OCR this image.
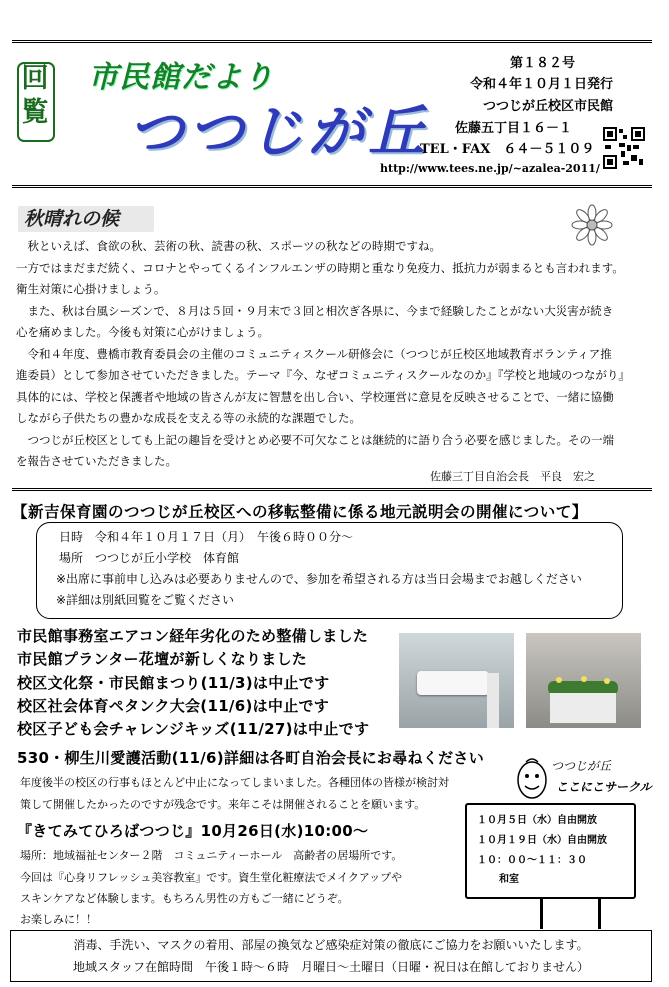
回
覧
市民館だより
つつじが丘
第１８２号
令和４年１０月１日発行
つつじが丘校区市民館
佐藤五丁目１６－１
TEL・FAX　６４－５１０９
http://www.tees.ne.jp/~azalea-2011/
秋晴れの候

　秋といえば、食欲の秋、芸術の秋、読書の秋、スポーツの秋などの時期ですね。

一方ではまだまだ続く、コロナとやってくるインフルエンザの時期と重なり免疫力、抵抗力が弱まるとも言われます。

衛生対策に心掛けましょう。

　また、秋は台風シーズンで、８月は５回・９月末で３回と相次ぎ各県に、今まで経験したことがない大災害が続き

心を痛めました。今後も対策に心がけましょう。

　令和４年度、豊橋市教育委員会の主催のコミュニティスクール研修会に（つつじが丘校区地域教育ボランティア推

進委員）として参加させていただきました。テーマ『今、なぜコミュニティスクールなのか』『学校と地域のつながり』

具体的には、学校と保護者や地域の皆さんが友に智慧を出し合い、学校運営に意見を反映させることで、一緒に協働

しながら子供たちの豊かな成長を支える等の永続的な課題でした。

　つつじが丘校区としても上記の趣旨を受けとめ必要不可欠なことは継続的に語り合う必要を感じました。その一端

を報告させていただきました。

佐藤三丁目自治会長　平良　宏之
【新吉保育園のつつじが丘校区への移転整備に係る地元説明会の開催について】

日時　令和４年１０月１７日（月）　午後６時００分～

場所　つつじが丘小学校　体育館

※出席に事前申し込みは必要ありませんので、参加を希望される方は当日会場までお越しください

※詳細は別紙回覧をご覧ください

市民館事務室エアコン経年劣化のため整備しました
市民館プランター花壇が新しくなりました
校区文化祭・市民館まつり(11/3)は中止です
校区社会体育ペタンク大会(11/6)は中止です
校区子ども会チャレンジキッズ(11/27)は中止です
530・柳生川愛護活動(11/6)詳細は各町自治会長にお尋ねください
年度後半の校区の行事もほとんど中止になってしまいました。各種団体の皆様が検討対
策して開催したかったのですが残念です。来年こそは開催されることを願います。
『きてみてひろばつつじ』10月26日(水)10:00～
場所：地域福祉センター２階　コミュニティーホール　高齢者の居場所です。
今回は『心身リフレッシュ美容教室』です。資生堂化粧療法でメイクアップや
スキンケアなど体験します。もちろん男性の方もご一緒にどうぞ。
お楽しみに！！
つつじが丘
ここにこサークル

１０月５日（水）自由開放

１０月１９日（水）自由開放

１０：００～１１：３０

和室

消毒、手洗い、マスクの着用、部屋の換気など感染症対策の徹底にご協力をお願いいたします。

地域スタッフ在館時間　午後１時～６時　月曜日～土曜日（日曜・祝日は在館しておりません）
